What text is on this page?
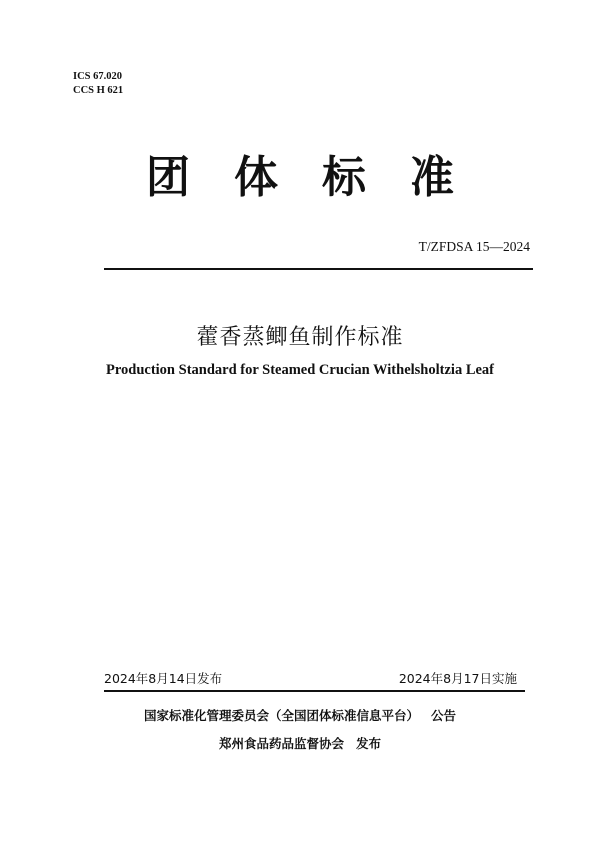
ICS 67.020
CCS H 621
团体标准
T/ZFDSA 15—2024
藿香蒸鲫鱼制作标准
Production Standard for Steamed Crucian Withelsholtzia Leaf
2024年8月14日发布	2024年8月17日实施
国家标准化管理委员会（全国团体标准信息平台） 公告
郑州食品药品监督协会 发布
